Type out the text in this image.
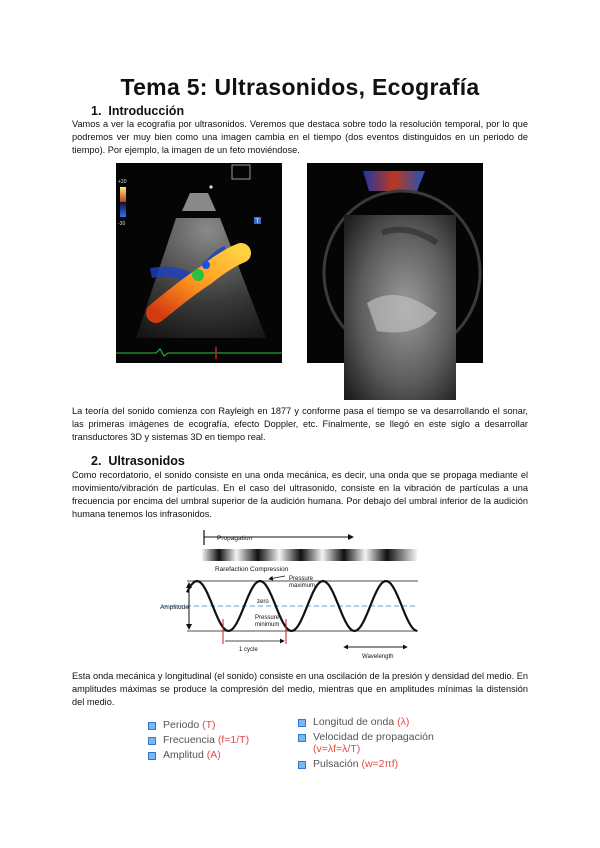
Tema 5: Ultrasonidos, Ecografía
1. Introducción

Vamos a ver la ecografía por ultrasonidos. Veremos que destaca sobre todo la resolución temporal, por lo que podremos ver muy bien como una imagen cambia en el tiempo (dos eventos distinguidos en un periodo de tiempo). Por ejemplo, la imagen de un feto moviéndose.

+30
-30	T

La teoría del sonido comienza con Rayleigh en 1877 y conforme pasa el tiempo se va desarrollando el sonar, las primeras imágenes de ecografía, efecto Doppler, etc. Finalmente, se llegó en este siglo a desarrollar transductores 3D y sistemas 3D en tiempo real.

2. Ultrasonidos

Como recordatorio, el sonido consiste en una onda mecánica, es decir, una onda que se propaga mediante el movimiento/vibración de partículas. En el caso del ultrasonido, consiste en la vibración de partículas a una frecuencia por encima del umbral superior de la audición humana. Por debajo del umbral inferior de la audición humana tenemos los infrasonidos.

Propagation
Rarefaction Compression
Amplitude
Pressure maximum
zero
Pressure minimum
1 cycle
Wavelength

Esta onda mecánica y longitudinal (el sonido) consiste en una oscilación de la presión y densidad del medio. En amplitudes máximas se produce la compresión del medio, mientras que en amplitudes mínimas la distensión del medio.

Periodo (T)
Frecuencia (f=1/T)
Amplitud (A)
Longitud de onda (λ)
Velocidad de propagación
(v=λf=λ/T)
Pulsación (w=2πf)
